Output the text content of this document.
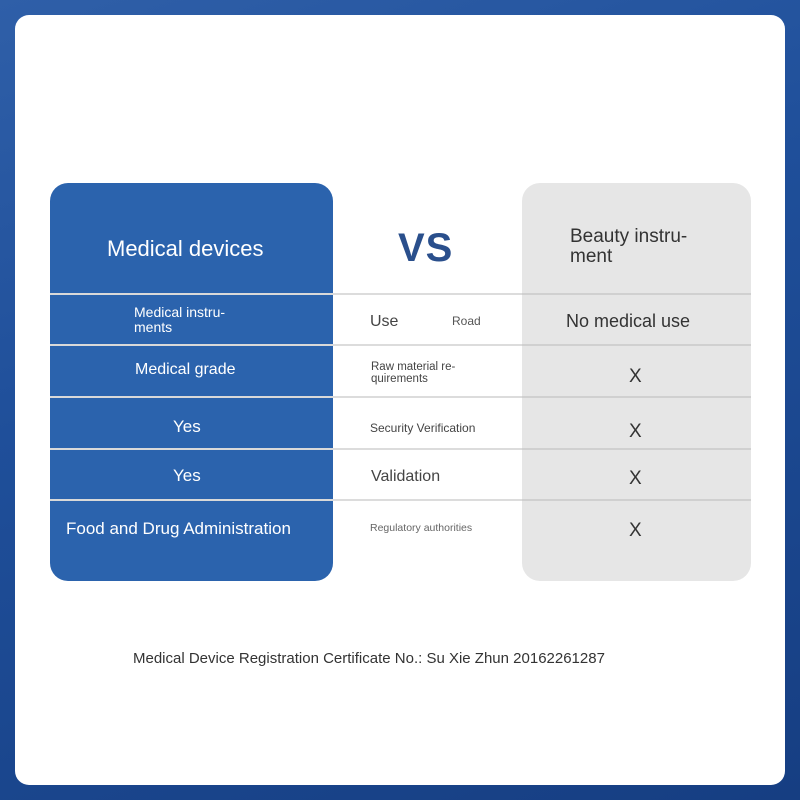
Medical devices
Medical instru-
ments
Medical grade
Yes
Yes
Food and Drug Administration
VS
Use	Road
Raw material re-
quirements
Security Verification
Validation
Regulatory authorities
Beauty instru-
ment
No medical use
X
X
X
X
Medical Device Registration Certificate No.: Su Xie Zhun 20162261287
